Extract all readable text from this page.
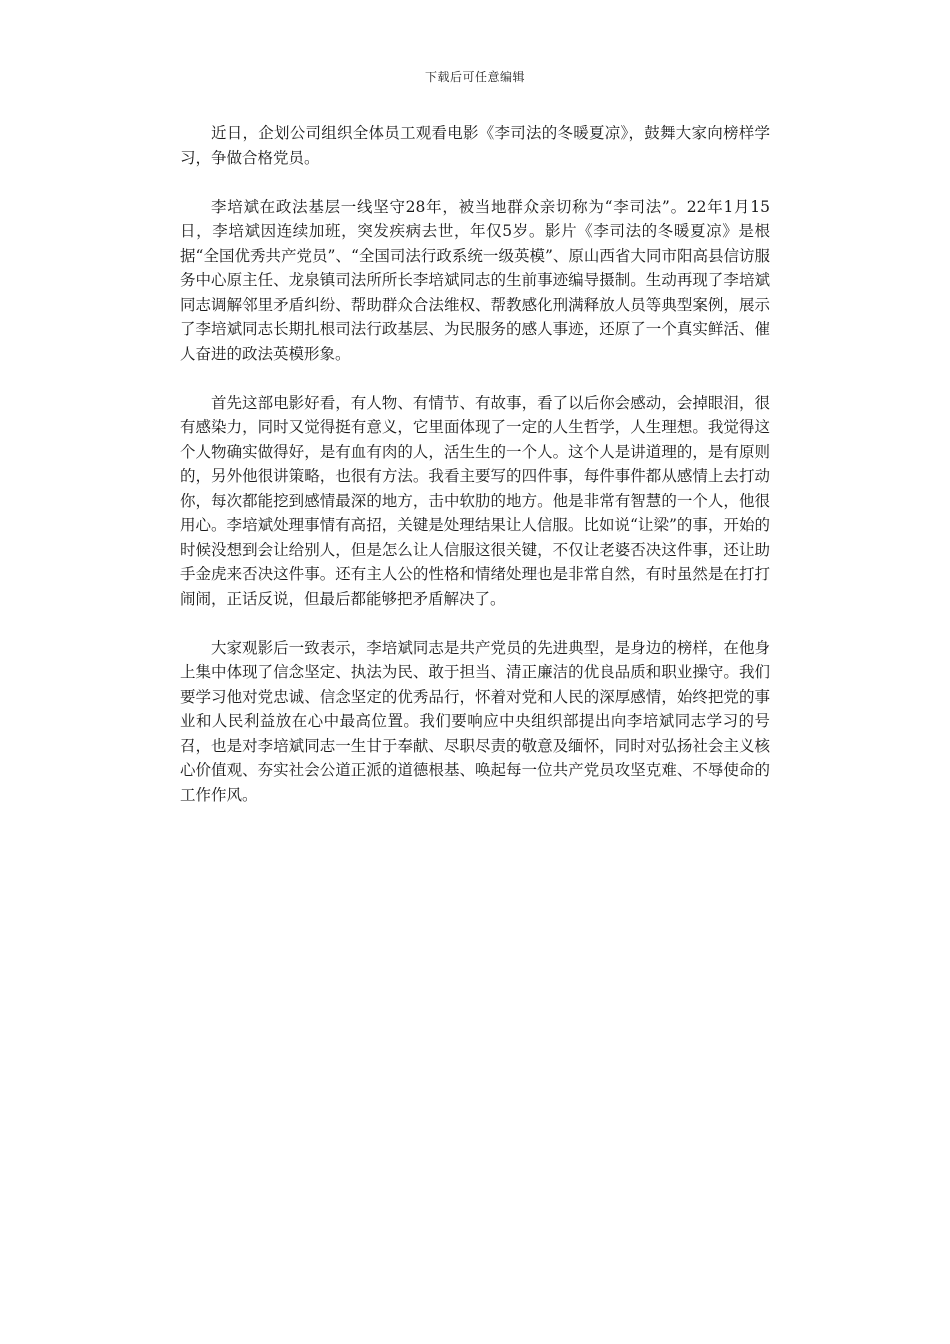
下载后可任意编辑

近日，企划公司组织全体员工观看电影《李司法的冬暖夏凉》，鼓舞大家向榜样学习，争做合格党员。

李培斌在政法基层一线坚守28年，被当地群众亲切称为“李司法”。22年1月15日，李培斌因连续加班，突发疾病去世，年仅5岁。影片《李司法的冬暖夏凉》是根据“全国优秀共产党员”、“全国司法行政系统一级英模”、原山西省大同市阳高县信访服务中心原主任、龙泉镇司法所所长李培斌同志的生前事迹编导摄制。生动再现了李培斌同志调解邻里矛盾纠纷、帮助群众合法维权、帮教感化刑满释放人员等典型案例，展示了李培斌同志长期扎根司法行政基层、为民服务的感人事迹，还原了一个真实鲜活、催人奋进的政法英模形象。

首先这部电影好看，有人物、有情节、有故事，看了以后你会感动，会掉眼泪，很有感染力，同时又觉得挺有意义，它里面体现了一定的人生哲学，人生理想。我觉得这个人物确实做得好，是有血有肉的人，活生生的一个人。这个人是讲道理的，是有原则的，另外他很讲策略，也很有方法。我看主要写的四件事，每件事件都从感情上去打动你，每次都能挖到感情最深的地方，击中软肋的地方。他是非常有智慧的一个人，他很用心。李培斌处理事情有高招，关键是处理结果让人信服。比如说“让梁”的事，开始的时候没想到会让给别人，但是怎么让人信服这很关键，不仅让老婆否决这件事，还让助手金虎来否决这件事。还有主人公的性格和情绪处理也是非常自然，有时虽然是在打打闹闹，正话反说，但最后都能够把矛盾解决了。

大家观影后一致表示，李培斌同志是共产党员的先进典型，是身边的榜样，在他身上集中体现了信念坚定、执法为民、敢于担当、清正廉洁的优良品质和职业操守。我们要学习他对党忠诚、信念坚定的优秀品行，怀着对党和人民的深厚感情，始终把党的事业和人民利益放在心中最高位置。我们要响应中央组织部提出向李培斌同志学习的号召，也是对李培斌同志一生甘于奉献、尽职尽责的敬意及缅怀，同时对弘扬社会主义核心价值观、夯实社会公道正派的道德根基、唤起每一位共产党员攻坚克难、不辱使命的工作作风。
